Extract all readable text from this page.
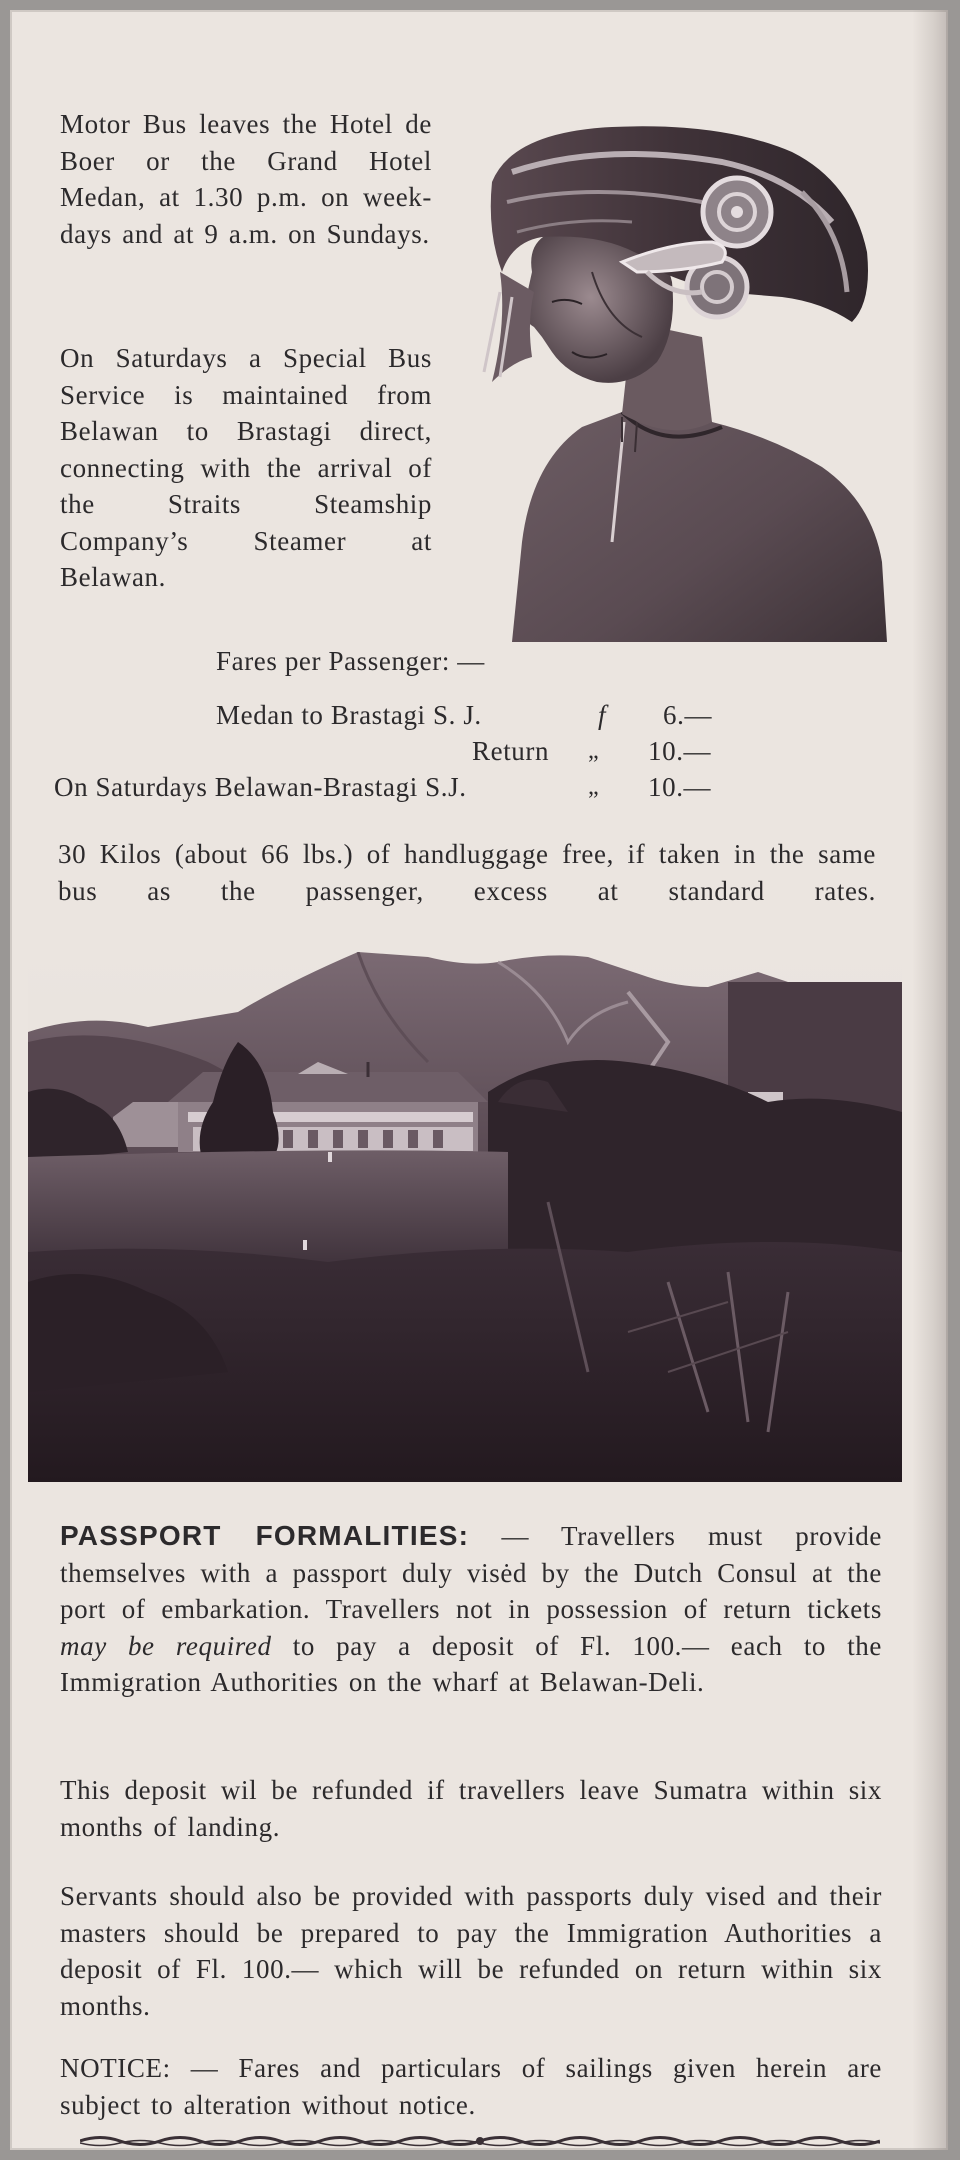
Motor Bus leaves the Hotel de Boer or the Grand Hotel Medan, at 1.30 p.m. on week-days and at 9 a.m. on Sundays.

On Saturdays a Special Bus Service is maintained from Belawan to Brastagi direct, connecting with the arrival of the Straits Steamship Company’s Steamer at Belawan.

Fares per Passenger: —
Medan to Brastagi S. J.	f 6.—
Return „ 10.—
On Saturdays Belawan-Brastagi S.J.	„ 10.—

30 Kilos (about 66 lbs.) of handluggage free, if taken in the same bus as the passenger, excess at standard rates.

PASSPORT FORMALITIES: — Travellers must provide themselves with a passport duly visėd by the Dutch Consul at the port of embarkation. Travellers not in possession of return tickets may be required to pay a deposit of Fl. 100.— each to the Immigration Authorities on the wharf at Belawan-Deli.

This deposit wil be refunded if travellers leave Sumatra within six months of landing.

Servants should also be provided with passports duly vised and their masters should be prepared to pay the Immigration Authorities a deposit of Fl. 100.— which will be refunded on return within six months.

NOTICE: — Fares and particulars of sailings given herein are subject to alteration without notice.
